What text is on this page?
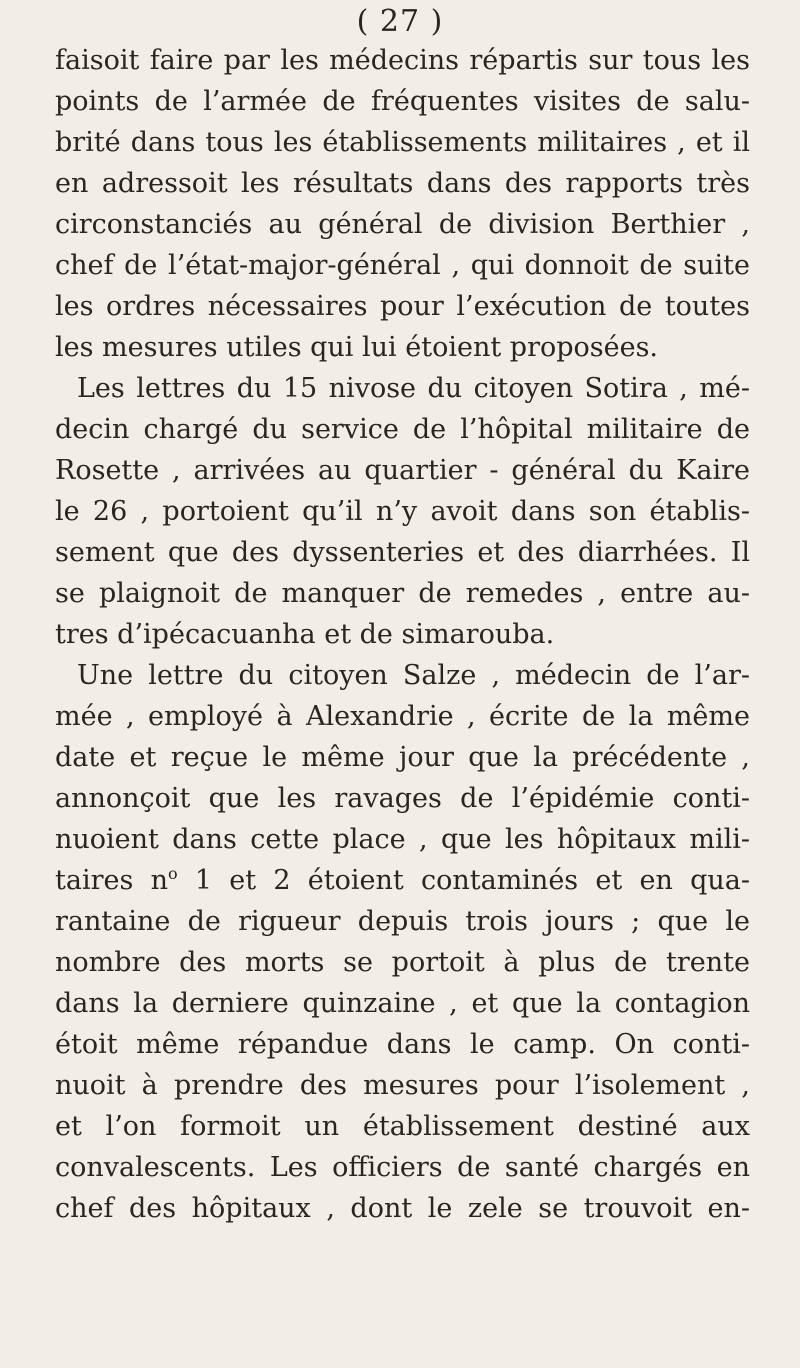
( 27 )
faisoit faire par les médecins répartis sur tous les
points de l’armée de fréquentes visites de salu-
brité dans tous les établissements militaires , et il
en adressoit les résultats dans des rapports très
circonstanciés au général de division Berthier ,
chef de l’état-major-général , qui donnoit de suite
les ordres nécessaires pour l’exécution de toutes
les mesures utiles qui lui étoient proposées.
Les lettres du 15 nivose du citoyen Sotira , mé-
decin chargé du service de l’hôpital militaire de
Rosette , arrivées au quartier - général du Kaire
le 26 , portoient qu’il n’y avoit dans son établis-
sement que des dyssenteries et des diarrhées. Il
se plaignoit de manquer de remedes , entre au-
tres d’ipécacuanha et de simarouba.
Une lettre du citoyen Salze , médecin de l’ar-
mée , employé à Alexandrie , écrite de la même
date et reçue le même jour que la précédente ,
annonçoit que les ravages de l’épidémie conti-
nuoient dans cette place , que les hôpitaux mili-
taires $n^o$ 1 et 2 étoient contaminés et en qua-
rantaine de rigueur depuis trois jours ; que le
nombre des morts se portoit à plus de trente
dans la derniere quinzaine , et que la contagion
étoit même répandue dans le camp. On conti-
nuoit à prendre des mesures pour l’isolement ,
et l’on formoit un établissement destiné aux
convalescents. Les officiers de santé chargés en
chef des hôpitaux , dont le zele se trouvoit en-
